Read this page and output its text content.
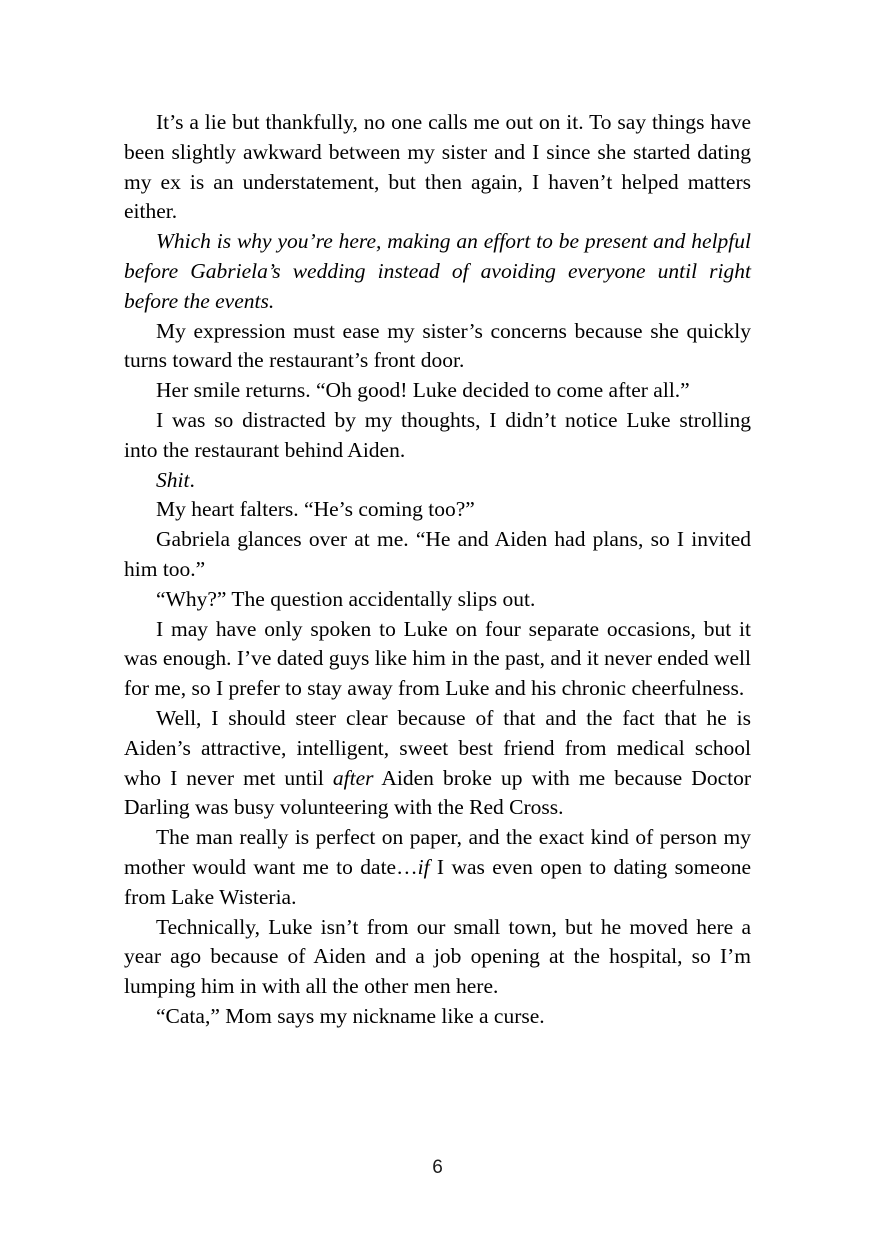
It’s a lie but thankfully, no one calls me out on it. To say things have been slightly awkward between my sister and I since she started dating my ex is an understatement, but then again, I haven’t helped matters either.

Which is why you’re here, making an effort to be present and helpful before Gabriela’s wedding instead of avoiding everyone until right before the events.

My expression must ease my sister’s concerns because she quickly turns toward the restaurant’s front door.

Her smile returns. “Oh good! Luke decided to come after all.”

I was so distracted by my thoughts, I didn’t notice Luke strolling into the restaurant behind Aiden.

Shit.

My heart falters. “He’s coming too?”

Gabriela glances over at me. “He and Aiden had plans, so I invited him too.”

“Why?” The question accidentally slips out.

I may have only spoken to Luke on four separate occasions, but it was enough. I’ve dated guys like him in the past, and it never ended well for me, so I prefer to stay away from Luke and his chronic cheerfulness.

Well, I should steer clear because of that and the fact that he is Aiden’s attractive, intelligent, sweet best friend from medical school who I never met until after Aiden broke up with me because Doctor Darling was busy volunteering with the Red Cross.

The man really is perfect on paper, and the exact kind of person my mother would want me to date…if I was even open to dating someone from Lake Wisteria.

Technically, Luke isn’t from our small town, but he moved here a year ago because of Aiden and a job opening at the hospital, so I’m lumping him in with all the other men here.

“Cata,” Mom says my nickname like a curse.

6
